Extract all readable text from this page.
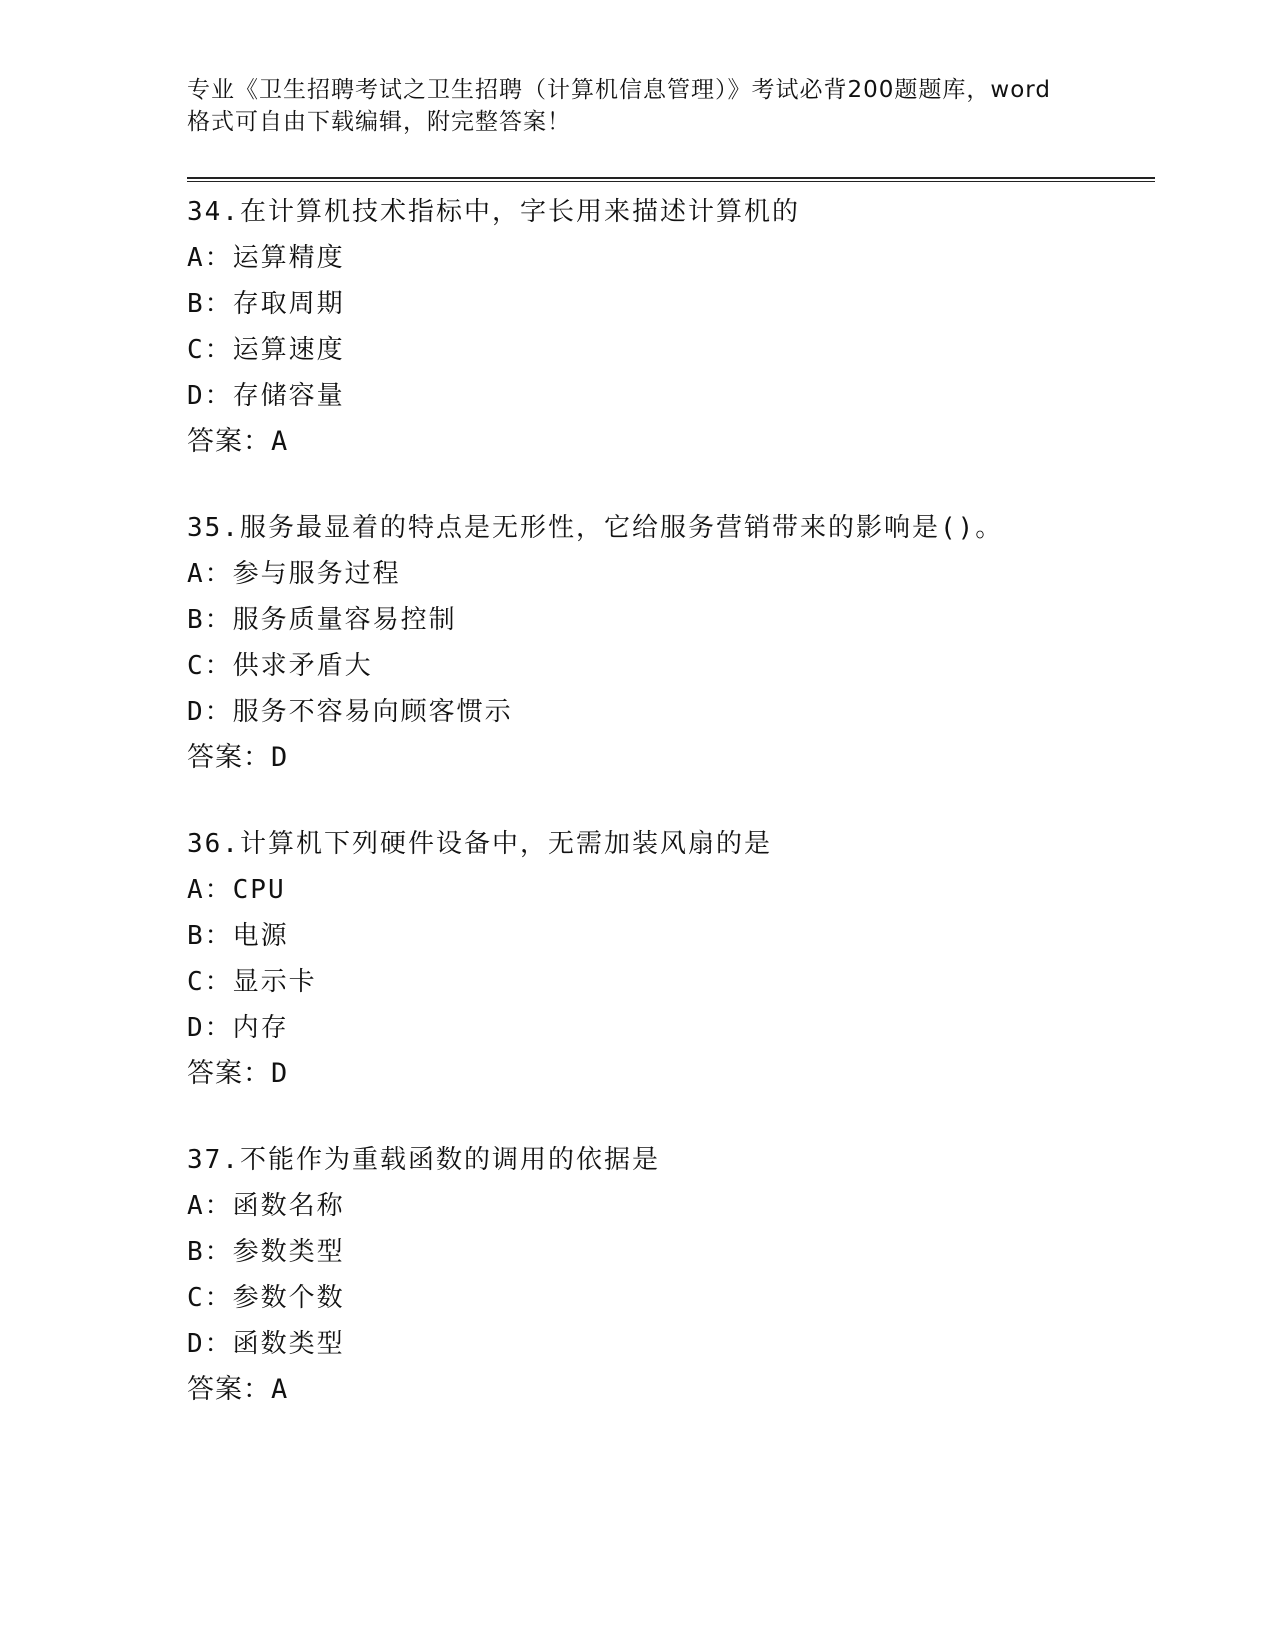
专业《卫生招聘考试之卫生招聘（计算机信息管理）》考试必背200题题库，word
格式可自由下载编辑，附完整答案！
34.在计算机技术指标中，字长用来描述计算机的
A：运算精度
B：存取周期
C：运算速度
D：存储容量
答案：A
35.服务最显着的特点是无形性，它给服务营销带来的影响是()。
A：参与服务过程
B：服务质量容易控制
C：供求矛盾大
D：服务不容易向顾客惯示
答案：D
36.计算机下列硬件设备中，无需加装风扇的是
A：CPU
B：电源
C：显示卡
D：内存
答案：D
37.不能作为重载函数的调用的依据是
A：函数名称
B：参数类型
C：参数个数
D：函数类型
答案：A
